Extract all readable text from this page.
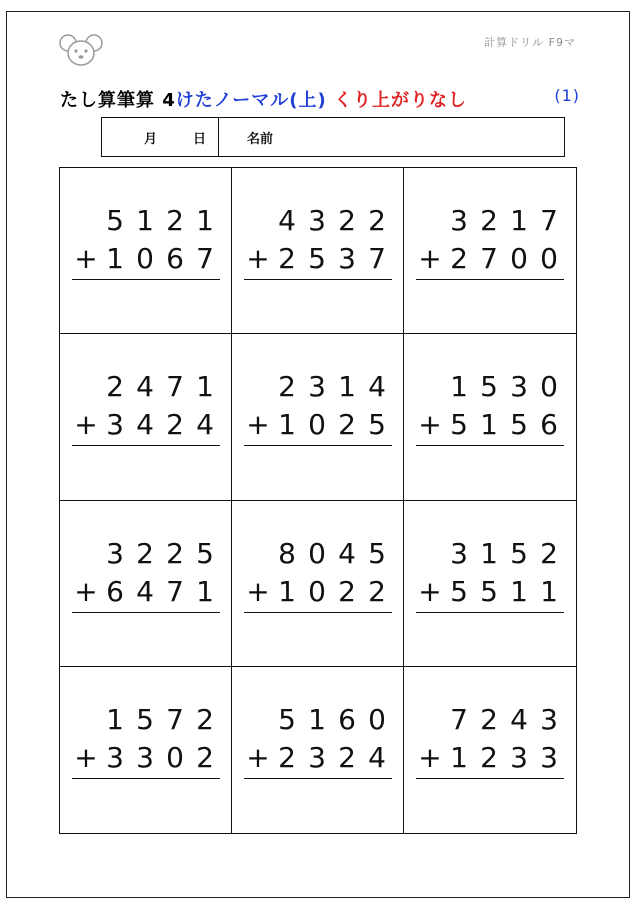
計算ドリル F9マ
たし算筆算 4けたノーマル(上) くり上がりなし	(1)
月	日	名前
5 1 2 1
+ 1 0 6 7
4 3 2 2
+ 2 5 3 7
3 2 1 7
+ 2 7 0 0
2 4 7 1
+ 3 4 2 4
2 3 1 4
+ 1 0 2 5
1 5 3 0
+ 5 1 5 6
3 2 2 5
+ 6 4 7 1
8 0 4 5
+ 1 0 2 2
3 1 5 2
+ 5 5 1 1
1 5 7 2
+ 3 3 0 2
5 1 6 0
+ 2 3 2 4
7 2 4 3
+ 1 2 3 3
